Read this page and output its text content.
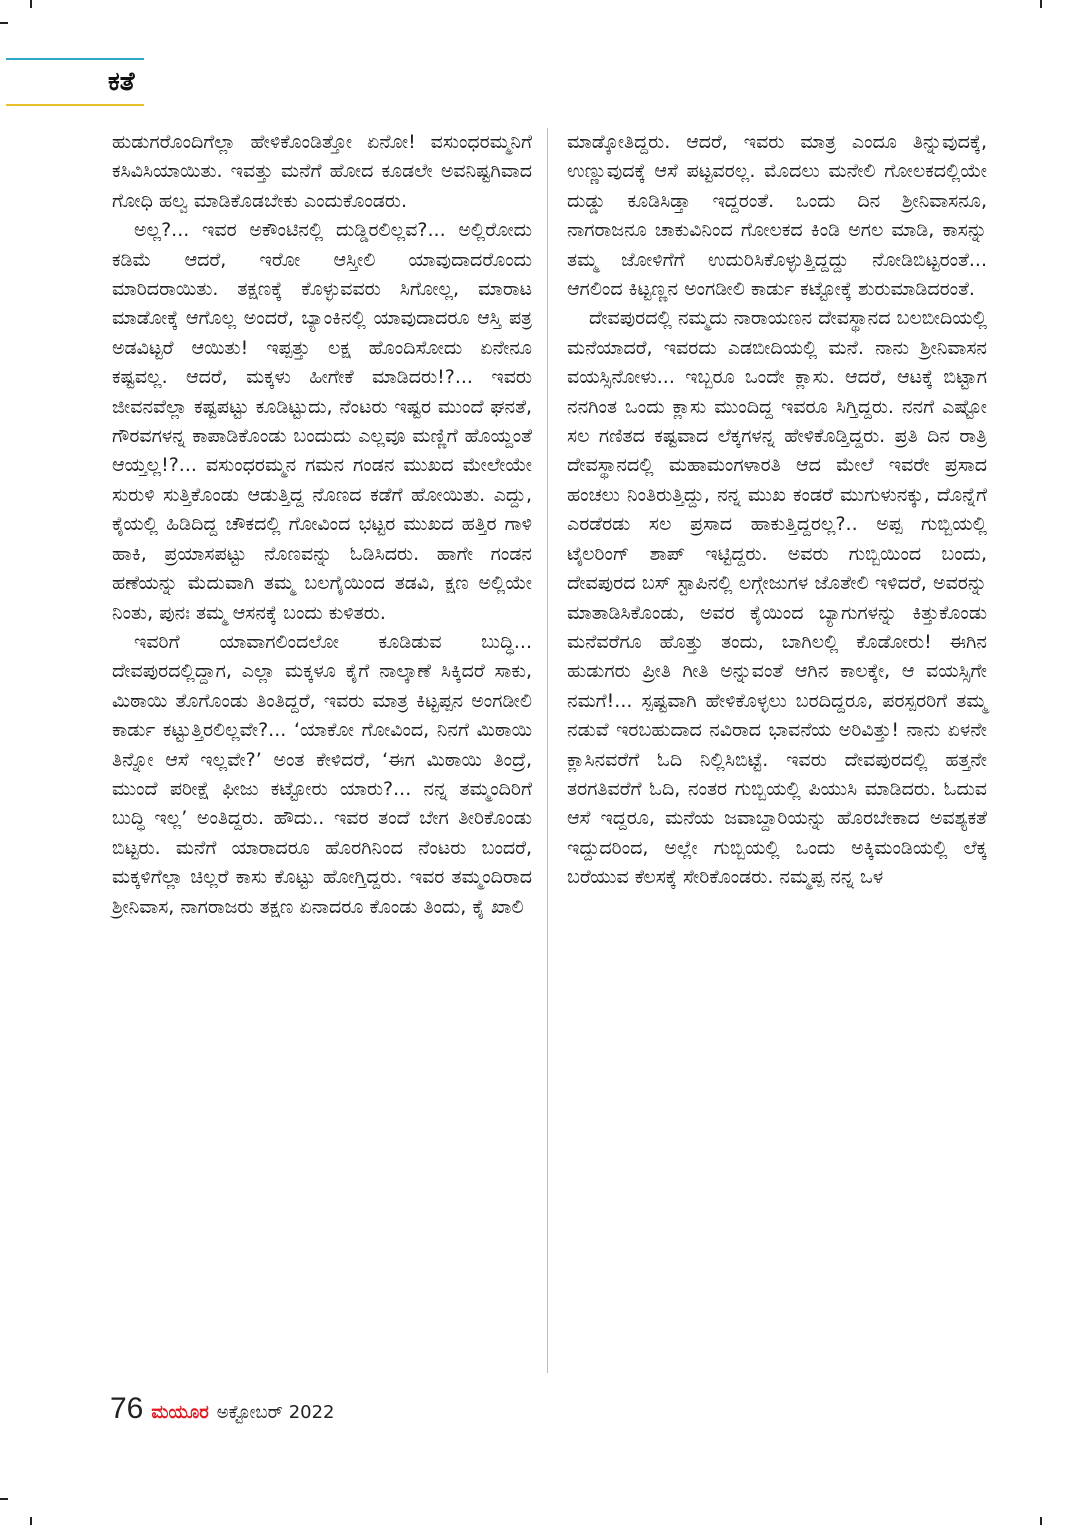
ಕತೆ

ಹುಡುಗರೊಂದಿಗೆಲ್ಲಾ ಹೇಳಿಕೊಂಡಿತ್ತೋ ಏನೋ! ವಸುಂಧರಮ್ಮನಿಗೆ ಕಸಿವಿಸಿಯಾಯಿತು. ಇವತ್ತು ಮನೆಗೆ ಹೋದ ಕೂಡಲೇ ಅವನಿಷ್ಟಗಿವಾದ ಗೋಧಿ ಹಲ್ವ ಮಾಡಿಕೊಡಬೇಕು ಎಂದುಕೊಂಡರು.

ಅಲ್ಲ?... ಇವರ ಅಕೌಂಟಿನಲ್ಲಿ ದುಡ್ಡಿರಲಿಲ್ಲವ?... ಅಲ್ಲಿರೋದು ಕಡಿಮೆ ಆದರೆ, ಇರೋ ಆಸ್ತೀಲಿ ಯಾವುದಾದರೊಂದು ಮಾರಿದರಾಯಿತು. ತಕ್ಷಣಕ್ಕೆ ಕೊಳ್ಳುವವರು ಸಿಗೋಲ್ಲ, ಮಾರಾಟ ಮಾಡೋಕ್ಕೆ ಆಗೊಲ್ಲ ಅಂದರೆ, ಬ್ಯಾಂಕಿನಲ್ಲಿ ಯಾವುದಾದರೂ ಆಸ್ತಿ ಪತ್ರ ಅಡವಿಟ್ಟರೆ ಆಯಿತು! ಇಪ್ಪತ್ತು ಲಕ್ಷ ಹೊಂದಿಸೋದು ಏನೇನೂ ಕಷ್ಟವಲ್ಲ. ಆದರೆ, ಮಕ್ಕಳು ಹೀಗೇಕೆ ಮಾಡಿದರು!?... ಇವರು ಜೀವನವೆಲ್ಲಾ ಕಷ್ಟಪಟ್ಟು ಕೂಡಿಟ್ಟುದು, ನೆಂಟರು ಇಷ್ಟರ ಮುಂದೆ ಘನತೆ, ಗೌರವಗಳನ್ನ ಕಾಪಾಡಿಕೊಂಡು ಬಂದುದು ಎಲ್ಲವೂ ಮಣ್ಣಿಗೆ ಹೊಯ್ದಂತೆ ಆಯ್ತಲ್ಲ!?... ವಸುಂಧರಮ್ಮನ ಗಮನ ಗಂಡನ ಮುಖದ ಮೇಲೇಯೇ ಸುರುಳಿ ಸುತ್ತಿಕೊಂಡು ಆಡುತ್ತಿದ್ದ ನೊಣದ ಕಡೆಗೆ ಹೋಯಿತು. ಎದ್ದು, ಕೈಯಲ್ಲಿ ಹಿಡಿದಿದ್ದ ಚೌಕದಲ್ಲಿ ಗೋವಿಂದ ಭಟ್ಟರ ಮುಖದ ಹತ್ತಿರ ಗಾಳಿ ಹಾಕಿ, ಪ್ರಯಾಸಪಟ್ಟು ನೊಣವನ್ನು ಓಡಿಸಿದರು. ಹಾಗೇ ಗಂಡನ ಹಣೆಯನ್ನು ಮೆದುವಾಗಿ ತಮ್ಮ ಬಲಗೈಯಿಂದ ತಡವಿ, ಕ್ಷಣ ಅಲ್ಲಿಯೇ ನಿಂತು, ಪುನಃ ತಮ್ಮ ಆಸನಕ್ಕೆ ಬಂದು ಕುಳಿತರು.

ಇವರಿಗೆ ಯಾವಾಗಲಿಂದಲೋ ಕೂಡಿಡುವ ಬುದ್ಧಿ... ದೇವಪುರದಲ್ಲಿದ್ದಾಗ, ಎಲ್ಲಾ ಮಕ್ಕಳೂ ಕೈಗೆ ನಾಲ್ಕಾಣೆ ಸಿಕ್ಕಿದರೆ ಸಾಕು, ಮಿಠಾಯಿ ತೊಗೊಂಡು ತಿಂತಿದ್ದರೆ, ಇವರು ಮಾತ್ರ ಕಿಟ್ಟಪ್ಪನ ಅಂಗಡೀಲಿ ಕಾರ್ಡು ಕಟ್ಟುತ್ತಿರಲಿಲ್ಲವೇ?... ‘ಯಾಕೋ ಗೋವಿಂದ, ನಿನಗೆ ಮಿಠಾಯಿ ತಿನ್ನೋ ಆಸೆ ಇಲ್ಲವೇ?’ ಅಂತ ಕೇಳಿದರೆ, ‘ಈಗ ಮಿಠಾಯಿ ತಿಂದ್ರೆ, ಮುಂದೆ ಪರೀಕ್ಷೆ ಫೀಜು ಕಟ್ಟೋರು ಯಾರು?... ನನ್ನ ತಮ್ಮಂದಿರಿಗೆ ಬುದ್ಧಿ ಇಲ್ಲ’ ಅಂತಿದ್ದರು. ಹೌದು.. ಇವರ ತಂದೆ ಬೇಗ ತೀರಿಕೊಂಡು ಬಿಟ್ಟರು. ಮನೆಗೆ ಯಾರಾದರೂ ಹೊರಗಿನಿಂದ ನೆಂಟರು ಬಂದರೆ, ಮಕ್ಕಳಿಗೆಲ್ಲಾ ಚಿಲ್ಲರೆ ಕಾಸು ಕೊಟ್ಟು ಹೋಗ್ತಿದ್ದರು. ಇವರ ತಮ್ಮಂದಿರಾದ ಶ್ರೀನಿವಾಸ, ನಾಗರಾಜರು ತಕ್ಷಣ ಏನಾದರೂ ಕೊಂಡು ತಿಂದು, ಕೈ ಖಾಲಿ

ಮಾಡ್ಕೋತಿದ್ದರು. ಆದರೆ, ಇವರು ಮಾತ್ರ ಎಂದೂ ತಿನ್ನುವುದಕ್ಕೆ, ಉಣ್ಣುವುದಕ್ಕೆ ಆಸೆ ಪಟ್ಟವರಲ್ಲ. ಮೊದಲು ಮನೇಲಿ ಗೋಲಕದಲ್ಲಿಯೇ ದುಡ್ಡು ಕೂಡಿಸಿಡ್ತಾ ಇದ್ದರಂತೆ. ಒಂದು ದಿನ ಶ್ರೀನಿವಾಸನೂ, ನಾಗರಾಜನೂ ಚಾಕುವಿನಿಂದ ಗೋಲಕದ ಕಿಂಡಿ ಅಗಲ ಮಾಡಿ, ಕಾಸನ್ನು ತಮ್ಮ ಜೋಳಿಗೆಗೆ ಉದುರಿಸಿಕೊಳ್ಳುತ್ತಿದ್ದದ್ದು ನೋಡಿಬಿಟ್ಟರಂತೆ... ಆಗಲಿಂದ ಕಿಟ್ಟಣ್ಣನ ಅಂಗಡೀಲಿ ಕಾರ್ಡು ಕಟ್ಟೋಕ್ಕೆ ಶುರುಮಾಡಿದರಂತೆ.

ದೇವಪುರದಲ್ಲಿ ನಮ್ಮದು ನಾರಾಯಣನ ದೇವಸ್ಥಾನದ ಬಲಬೀದಿಯಲ್ಲಿ ಮನೆಯಾದರೆ, ಇವರದು ಎಡಬೀದಿಯಲ್ಲಿ ಮನೆ. ನಾನು ಶ್ರೀನಿವಾಸನ ವಯಸ್ಸಿನೋಳು... ಇಬ್ಬರೂ ಒಂದೇ ಕ್ಲಾಸು. ಆದರೆ, ಆಟಕ್ಕೆ ಬಿಟ್ಟಾಗ ನನಗಿಂತ ಒಂದು ಕ್ಲಾಸು ಮುಂದಿದ್ದ ಇವರೂ ಸಿಗ್ತಿದ್ದರು. ನನಗೆ ಎಷ್ಟೋ ಸಲ ಗಣಿತದ ಕಷ್ಟವಾದ ಲೆಕ್ಕಗಳನ್ನ ಹೇಳಿಕೊಡ್ತಿದ್ದರು. ಪ್ರತಿ ದಿನ ರಾತ್ರಿ ದೇವಸ್ಥಾನದಲ್ಲಿ ಮಹಾಮಂಗಳಾರತಿ ಆದ ಮೇಲೆ ಇವರೇ ಪ್ರಸಾದ ಹಂಚಲು ನಿಂತಿರುತ್ತಿದ್ದು, ನನ್ನ ಮುಖ ಕಂಡರೆ ಮುಗುಳುನಕ್ಕು, ದೊನ್ನೆಗೆ ಎರಡೆರಡು ಸಲ ಪ್ರಸಾದ ಹಾಕುತ್ತಿದ್ದರಲ್ಲ?.. ಅಪ್ಪ ಗುಬ್ಬಿಯಲ್ಲಿ ಟೈಲರಿಂಗ್ ಶಾಪ್ ಇಟ್ಟಿದ್ದರು. ಅವರು ಗುಬ್ಬಿಯಿಂದ ಬಂದು, ದೇವಪುರದ ಬಸ್ ಸ್ಟಾಪಿನಲ್ಲಿ ಲಗ್ಗೇಜುಗಳ ಜೊತೇಲಿ ಇಳಿದರೆ, ಅವರನ್ನು ಮಾತಾಡಿಸಿಕೊಂಡು, ಅವರ ಕೈಯಿಂದ ಬ್ಯಾಗುಗಳನ್ನು ಕಿತ್ತುಕೊಂಡು ಮನೆವರೆಗೂ ಹೊತ್ತು ತಂದು, ಬಾಗಿಲಲ್ಲಿ ಕೊಡೋರು! ಈಗಿನ ಹುಡುಗರು ಪ್ರೀತಿ ಗೀತಿ ಅನ್ನುವಂತೆ ಆಗಿನ ಕಾಲಕ್ಕೇ, ಆ ವಯಸ್ಸಿಗೇ ನಮಗೆ!... ಸ್ಪಷ್ಟವಾಗಿ ಹೇಳಿಕೊಳ್ಳಲು ಬರದಿದ್ದರೂ, ಪರಸ್ಪರರಿಗೆ ತಮ್ಮ ನಡುವೆ ಇರಬಹುದಾದ ನವಿರಾದ ಭಾವನೆಯ ಅರಿವಿತ್ತು! ನಾನು ಏಳನೇ ಕ್ಲಾಸಿನವರೆಗೆ ಓದಿ ನಿಲ್ಲಿಸಿಬಿಟ್ಟೆ. ಇವರು ದೇವಪುರದಲ್ಲಿ ಹತ್ತನೇ ತರಗತಿವರೆಗೆ ಓದಿ, ನಂತರ ಗುಬ್ಬಿಯಲ್ಲಿ ಪಿಯುಸಿ ಮಾಡಿದರು. ಓದುವ ಆಸೆ ಇದ್ದರೂ, ಮನೆಯ ಜವಾಬ್ದಾರಿಯನ್ನು ಹೊರಬೇಕಾದ ಅವಶ್ಯಕತೆ ಇದ್ದುದರಿಂದ, ಅಲ್ಲೇ ಗುಬ್ಬಿಯಲ್ಲಿ ಒಂದು ಅಕ್ಕಿಮಂಡಿಯಲ್ಲಿ ಲೆಕ್ಕ ಬರೆಯುವ ಕೆಲಸಕ್ಕೆ ಸೇರಿಕೊಂಡರು. ನಮ್ಮಪ್ಪ ನನ್ನ ಒಳ

76 ಮಯೂರ ಅಕ್ಟೋಬರ್ 2022
